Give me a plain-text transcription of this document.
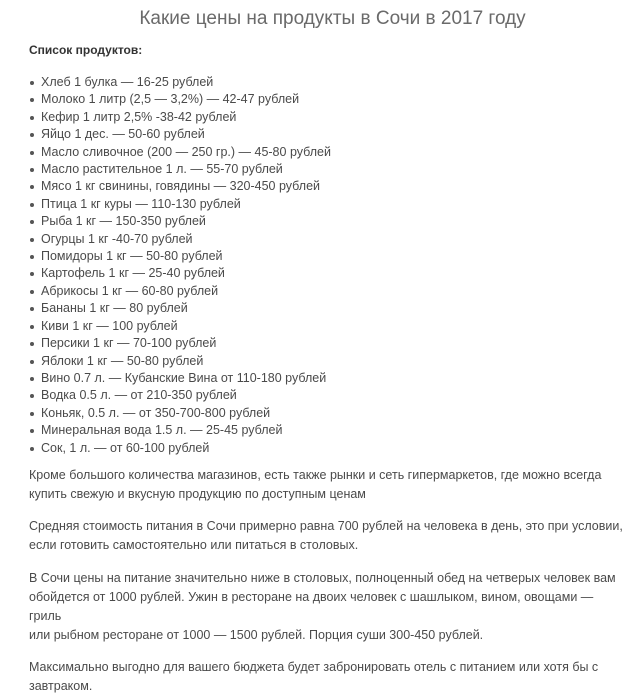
Какие цены на продукты в Сочи в 2017 году
Список продуктов:
Хлеб 1 булка — 16-25 рублей
Молоко 1 литр (2,5 — 3,2%) — 42-47 рублей
Кефир 1 литр 2,5% -38-42 рублей
Яйцо 1 дес. — 50-60 рублей
Масло сливочное (200 — 250 гр.) — 45-80 рублей
Масло растительное 1 л. — 55-70 рублей
Мясо 1 кг свинины, говядины — 320-450 рублей
Птица 1 кг куры — 110-130 рублей
Рыба 1 кг — 150-350 рублей
Огурцы 1 кг -40-70 рублей
Помидоры 1 кг — 50-80 рублей
Картофель 1 кг — 25-40 рублей
Абрикосы 1 кг — 60-80 рублей
Бананы 1 кг — 80 рублей
Киви 1 кг — 100 рублей
Персики 1 кг — 70-100 рублей
Яблоки 1 кг — 50-80 рублей
Вино 0.7 л. — Кубанские Вина от 110-180 рублей
Водка 0.5 л. — от 210-350 рублей
Коньяк, 0.5 л. — от 350-700-800 рублей
Минеральная вода 1.5 л. — 25-45 рублей
Сок, 1 л. — от 60-100 рублей

Кроме большого количества магазинов, есть также рынки и сеть гипермаркетов, где можно всегда
купить свежую и вкусную продукцию по доступным ценам

Средняя стоимость питания в Сочи примерно равна 700 рублей на человека в день, это при условии,
если готовить самостоятельно или питаться в столовых.

В Сочи цены на питание значительно ниже в столовых, полноценный обед на четверых человек вам
обойдется от 1000 рублей. Ужин в ресторане на двоих человек с шашлыком, вином, овощами — гриль
или рыбном ресторане от 1000 — 1500 рублей. Порция суши 300-450 рублей.

Максимально выгодно для вашего бюджета будет забронировать отель с питанием или хотя бы с
завтраком.
